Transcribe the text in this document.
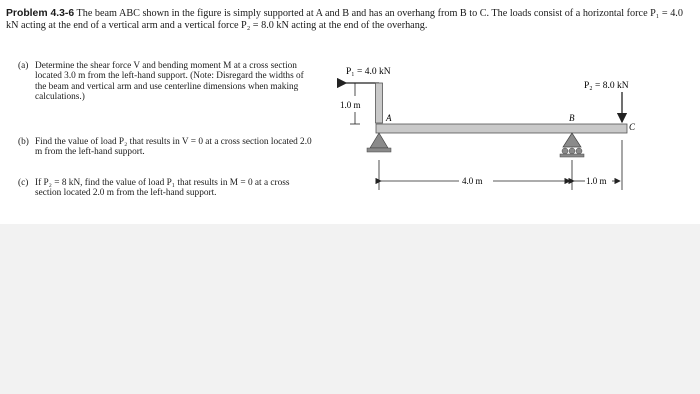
Problem 4.3-6 The beam ABC shown in the figure is simply supported at A and B and has an overhang from B to C. The loads consist of a horizontal force P₁ = 4.0 kN acting at the end of a vertical arm and a vertical force P₂ = 8.0 kN acting at the end of the overhang.
(a) Determine the shear force V and bending moment M at a cross section located 3.0 m from the left-hand support. (Note: Disregard the widths of the beam and vertical arm and use centerline dimensions when making calculations.)
(b) Find the value of load P₂ that results in V = 0 at a cross section located 2.0 m from the left-hand support.
(c) If P₂ = 8 kN, find the value of load P₁ that results in M = 0 at a cross section located 2.0 m from the left-hand support.
P₁ = 4.0 kN
1.0 m
A	B
C
P₂ = 8.0 kN
4.0 m	1.0 m
